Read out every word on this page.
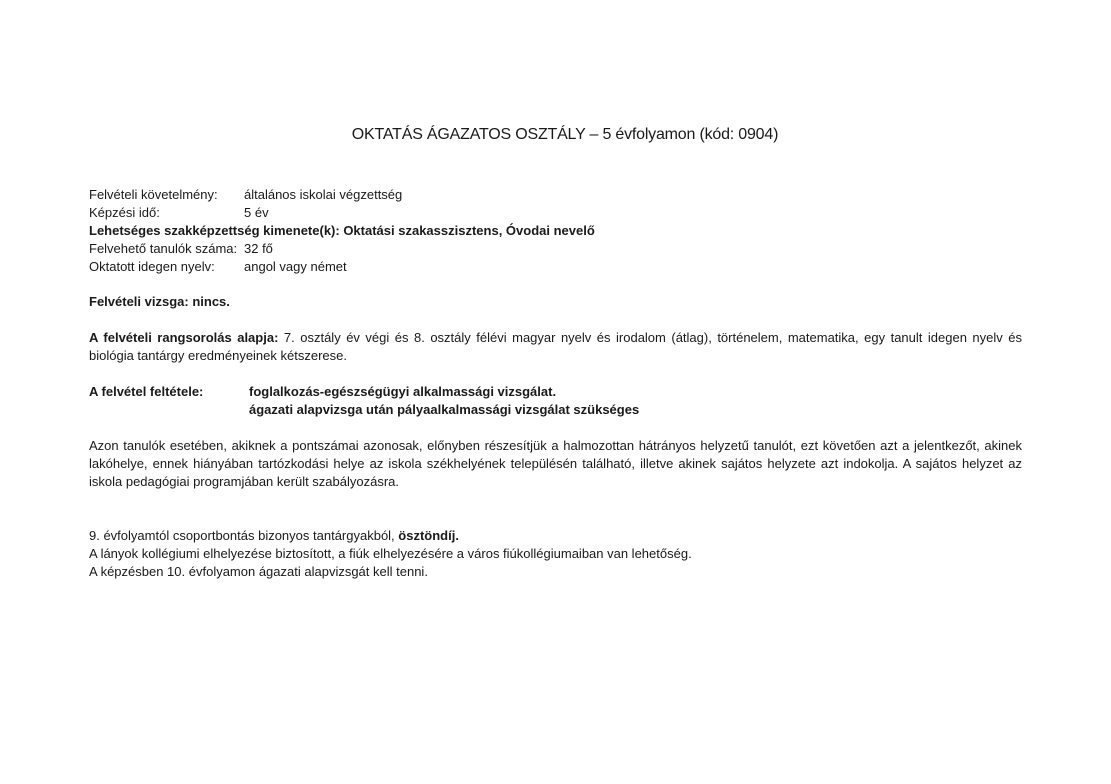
OKTATÁS ÁGAZATOS OSZTÁLY – 5 évfolyamon (kód: 0904)
Felvételi követelmény:	általános iskolai végzettség
Képzési idő:	5 év
Lehetséges szakképzettség kimenete(k): Oktatási szakasszisztens, Óvodai nevelő
Felvehető tanulók száma: 32 fő
Oktatott idegen nyelv:	angol vagy német
Felvételi vizsga: nincs.
A felvételi rangsorolás alapja: 7. osztály év végi és 8. osztály félévi magyar nyelv és irodalom (átlag), történelem, matematika, egy tanult idegen nyelv és biológia tantárgy eredményeinek kétszerese.
A felvétel feltétele:	foglalkozás-egészségügyi alkalmassági vizsgálat.
ágazati alapvizsga után pályaalkalmassági vizsgálat szükséges
Azon tanulók esetében, akiknek a pontszámai azonosak, előnyben részesítjük a halmozottan hátrányos helyzetű tanulót, ezt követően azt a jelentkezőt, akinek lakóhelye, ennek hiányában tartózkodási helye az iskola székhelyének településén található, illetve akinek sajátos helyzete azt indokolja. A sajátos helyzet az iskola pedagógiai programjában került szabályozásra.
9. évfolyamtól csoportbontás bizonyos tantárgyakból, ösztöndíj.
A lányok kollégiumi elhelyezése biztosított, a fiúk elhelyezésére a város fiúkollégiumaiban van lehetőség.
A képzésben 10. évfolyamon ágazati alapvizsgát kell tenni.
